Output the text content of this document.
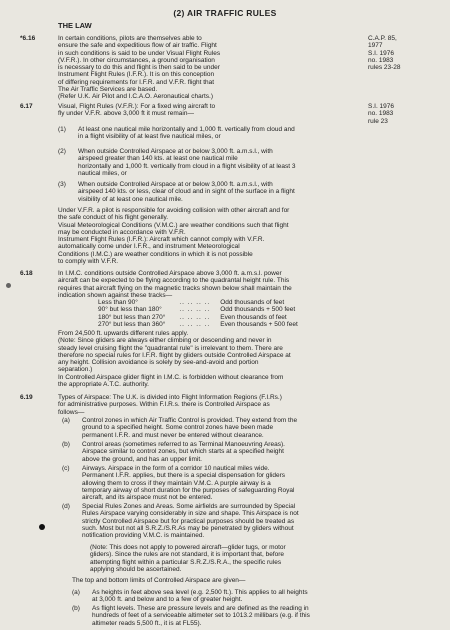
(2) AIR TRAFFIC RULES
THE LAW
*6.16	In certain conditions, pilots are themselves able to
ensure the safe and expeditious flow of air traffic. Flight
in such conditions is said to be under Visual Flight Rules
(V.F.R.). In other circumstances, a ground organisation
is necessary to do this and flight is then said to be under
Instrument Flight Rules (I.F.R.). It is on this conception
of differing requirements for I.F.R. and V.F.R. flight that
The Air Traffic Services are based.
(Refer U.K. Air Pilot and I.C.A.O. Aeronautical charts.)

C.A.P. 85,
1977
S.I. 1976
no. 1983
rules 23-28
6.17	Visual, Flight Rules (V.F.R.): For a fixed wing aircraft to
fly under V.F.R. above 3,000 ft it must remain—

S.I. 1976
no. 1983
rule 23
(1) At least one nautical mile horizontally and 1,000 ft. vertically from cloud and
in a flight visibility of at least five nautical miles, or

(2) When outside Controlled Airspace at or below 3,000 ft. a.m.s.l., with
airspeed greater than 140 kts. at least one nautical mile
horizontally and 1,000 ft. vertically from cloud in a flight visibility of at least 3
nautical miles, or

(3) When outside Controlled Airspace at or below 3,000 ft. a.m.s.l., with
airspeed 140 kts. or less, clear of cloud and in sight of the surface in a flight
visibility of at least one nautical mile.

Under V.F.R. a pilot is responsible for avoiding collision with other aircraft and for
the safe conduct of his flight generally.
Visual Meteorological Conditions (V.M.C.) are weather conditions such that flight
may be conducted in accordance with V.F.R.
Instrument Flight Rules (I.F.R.): Aircraft which cannot comply with V.F.R.
automatically come under I.F.R., and instrument Meteorological
Conditions (I.M.C.) are weather conditions in which it is not possible
to comply with V.F.R.

6.18	In I.M.C. conditions outside Controlled Airspace above 3,000 ft. a.m.s.l. power
aircraft can be expected to be flying according to the quadrantal height rule. This
requires that aircraft flying on the magnetic tracks shown below shall maintain the
indication shown against these tracks—

Less than 90°	.. .. .. ..	Odd thousands of feet
90° but less than 180°	.. .. .. ..	Odd thousands + 500 feet
180° but less than 270°	.. .. .. ..	Even thousands of feet
270° but less than 360°	.. .. .. ..	Even thousands + 500 feet

From 24,500 ft. upwards different rules apply.
(Note: Since gliders are always either climbing or descending and never in
steady level cruising flight the "quadrantal rule" is irrelevant to them. There are
therefore no special rules for I.F.R. flight by gliders outside Controlled Airspace at
any height. Collision avoidance is solely by see-and-avoid and portion
separation.)
In Controlled Airspace glider flight in I.M.C. is forbidden without clearance from
the appropriate A.T.C. authority.

6.19	Types of Airspace: The U.K. is divided into Flight Information Regions (F.I.Rs.)
for administrative purposes. Within F.I.R.s. there is Controlled Airspace as
follows—

(a) Control zones in which Air Traffic Control is provided. They extend from the
ground to a specified height. Some control zones have been made
permanent I.F.R. and must never be entered without clearance.

(b) Control areas (sometimes referred to as Terminal Manoeuvring Areas).
Airspace similar to control zones, but which starts at a specified height
above the ground, and has an upper limit.

(c) Airways. Airspace in the form of a corridor 10 nautical miles wide.
Permanent I.F.R. applies, but there is a special dispensation for gliders
allowing them to cross if they maintain V.M.C. A purple airway is a
temporary airway of short duration for the purposes of safeguarding Royal
aircraft, and its airspace must not be entered.

(d) Special Rules Zones and Areas. Some airfields are surrounded by Special
Rules Airspace varying considerably in size and shape. This Airspace is not
strictly Controlled Airspace but for practical purposes should be treated as
such. Most but not all S.R.Z./S.R.As may be penetrated by gliders without
notification providing V.M.C. is maintained.

(Note: This does not apply to powered aircraft—glider tugs, or motor
gliders). Since the rules are not standard, it is important that, before
attempting flight within a particular S.R.Z./S.R.A., the specific rules
applying should be ascertained.

The top and bottom limits of Controlled Airspace are given—

(a) As heights in feet above sea level (e.g. 2,500 ft.). This applies to all heights
at 3,000 ft. and below and to a few of greater height.

(b) As flight levels. These are pressure levels and are defined as the reading in
hundreds of feet of a serviceable altimeter set to 1013.2 millibars (e.g. if this
altimeter reads 5,500 ft., it is at FL55).
